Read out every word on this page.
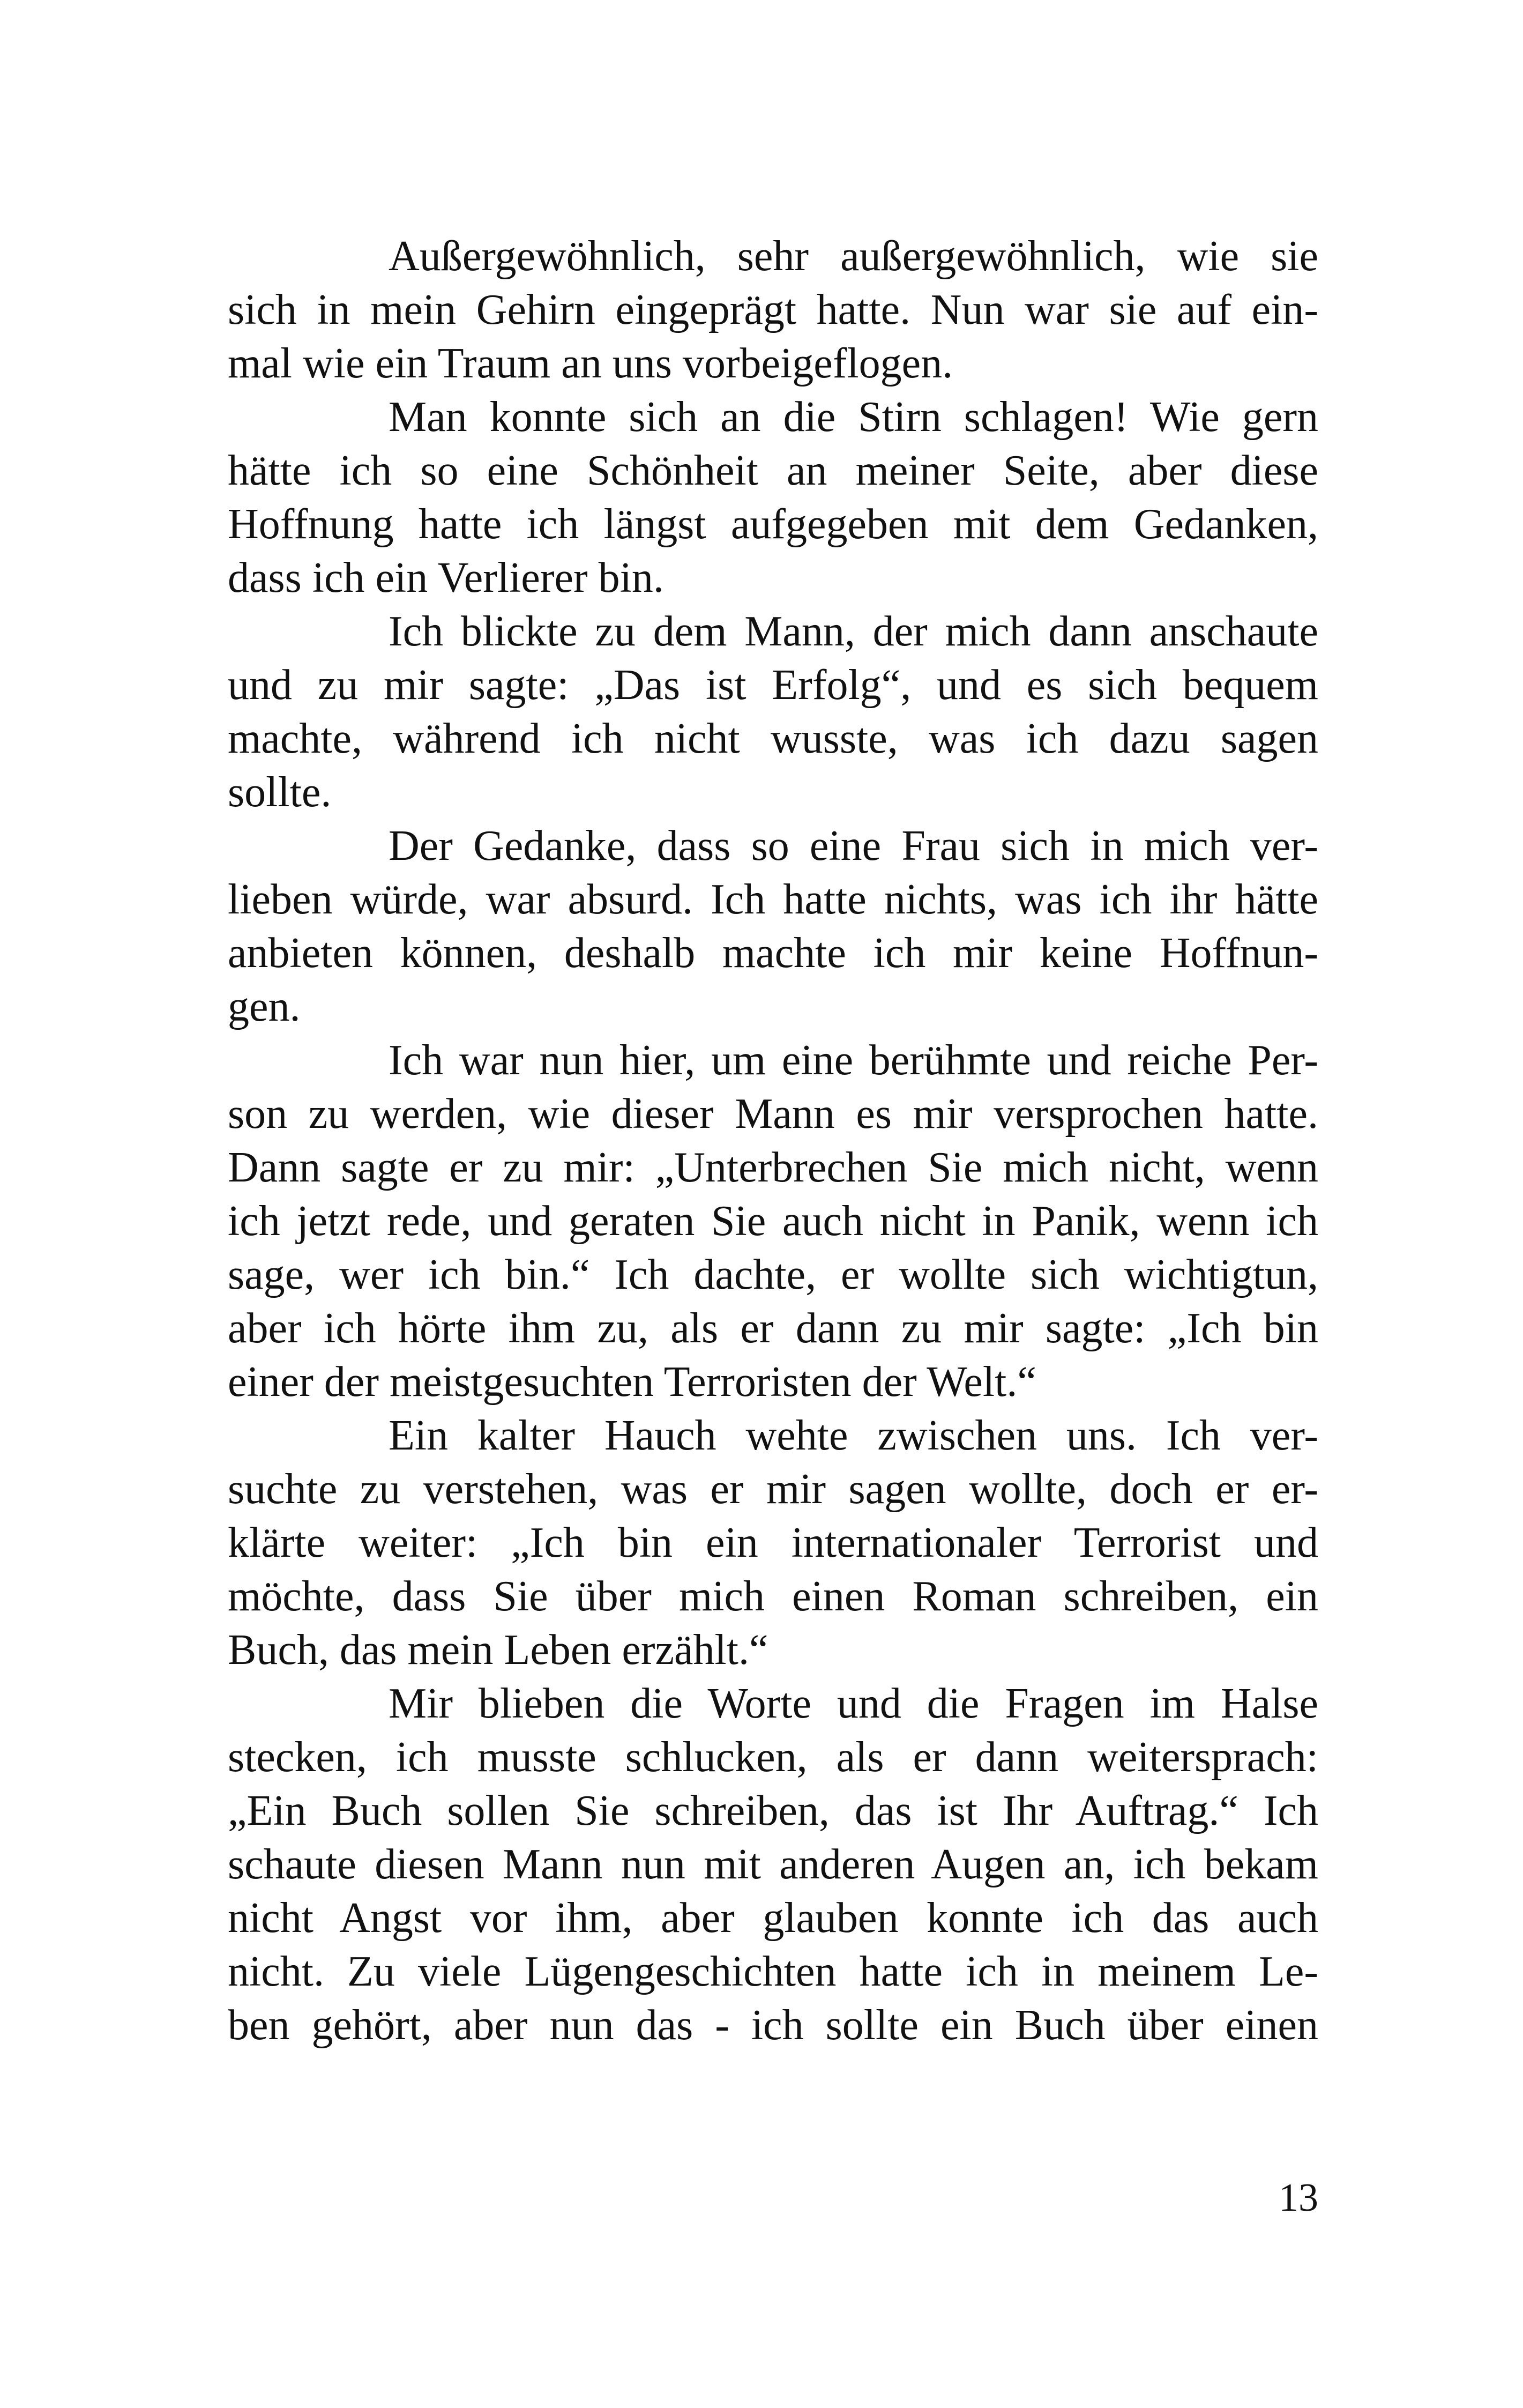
Außergewöhnlich, sehr außergewöhnlich, wie sie
sich in mein Gehirn eingeprägt hatte. Nun war sie auf ein-
mal wie ein Traum an uns vorbeigeflogen.
Man konnte sich an die Stirn schlagen! Wie gern
hätte ich so eine Schönheit an meiner Seite, aber diese
Hoffnung hatte ich längst aufgegeben mit dem Gedanken,
dass ich ein Verlierer bin.
Ich blickte zu dem Mann, der mich dann anschaute
und zu mir sagte: „Das ist Erfolg“, und es sich bequem
machte, während ich nicht wusste, was ich dazu sagen
sollte.
Der Gedanke, dass so eine Frau sich in mich ver-
lieben würde, war absurd. Ich hatte nichts, was ich ihr hätte
anbieten können, deshalb machte ich mir keine Hoffnun-
gen.
Ich war nun hier, um eine berühmte und reiche Per-
son zu werden, wie dieser Mann es mir versprochen hatte.
Dann sagte er zu mir: „Unterbrechen Sie mich nicht, wenn
ich jetzt rede, und geraten Sie auch nicht in Panik, wenn ich
sage, wer ich bin.“ Ich dachte, er wollte sich wichtigtun,
aber ich hörte ihm zu, als er dann zu mir sagte: „Ich bin
einer der meistgesuchten Terroristen der Welt.“
Ein kalter Hauch wehte zwischen uns. Ich ver-
suchte zu verstehen, was er mir sagen wollte, doch er er-
klärte weiter: „Ich bin ein internationaler Terrorist und
möchte, dass Sie über mich einen Roman schreiben, ein
Buch, das mein Leben erzählt.“
Mir blieben die Worte und die Fragen im Halse
stecken, ich musste schlucken, als er dann weitersprach:
„Ein Buch sollen Sie schreiben, das ist Ihr Auftrag.“ Ich
schaute diesen Mann nun mit anderen Augen an, ich bekam
nicht Angst vor ihm, aber glauben konnte ich das auch
nicht. Zu viele Lügengeschichten hatte ich in meinem Le-
ben gehört, aber nun das - ich sollte ein Buch über einen
13
